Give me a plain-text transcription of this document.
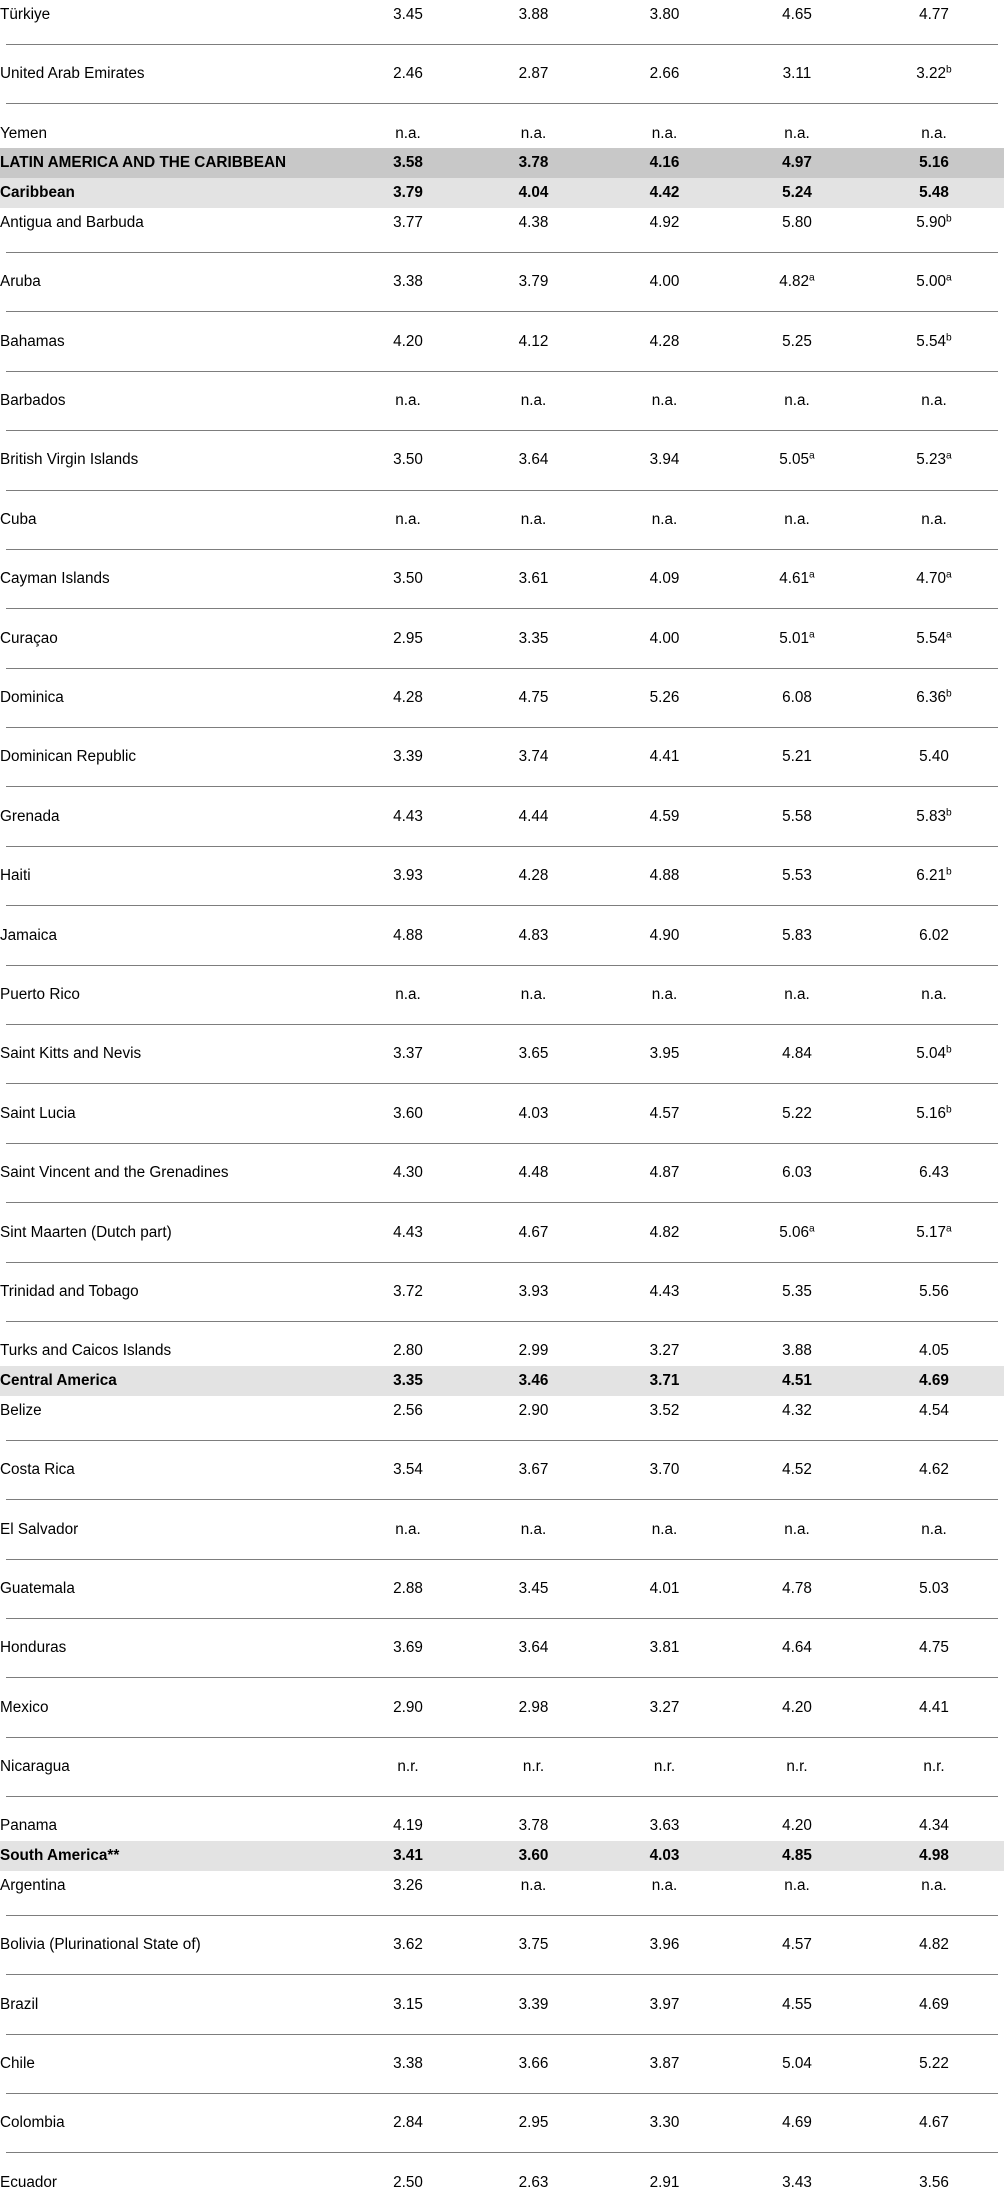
Türkiye	3.45	3.88	3.80	4.65	4.77

United Arab Emirates	2.46	2.87	2.66	3.11	3.22$^b$

Yemen	n.a.	n.a.	n.a.	n.a.	n.a.
LATIN AMERICA AND THE CARIBBEAN	3.58	3.78	4.16	4.97	5.16
Caribbean	3.79	4.04	4.42	5.24	5.48
Antigua and Barbuda	3.77	4.38	4.92	5.80	5.90$^b$

Aruba	3.38	3.79	4.00	4.82$^a$	5.00$^a$

Bahamas	4.20	4.12	4.28	5.25	5.54$^b$

Barbados	n.a.	n.a.	n.a.	n.a.	n.a.

British Virgin Islands	3.50	3.64	3.94	5.05$^a$	5.23$^a$

Cuba	n.a.	n.a.	n.a.	n.a.	n.a.

Cayman Islands	3.50	3.61	4.09	4.61$^a$	4.70$^a$

Curaçao	2.95	3.35	4.00	5.01$^a$	5.54$^a$

Dominica	4.28	4.75	5.26	6.08	6.36$^b$

Dominican Republic	3.39	3.74	4.41	5.21	5.40

Grenada	4.43	4.44	4.59	5.58	5.83$^b$

Haiti	3.93	4.28	4.88	5.53	6.21$^b$

Jamaica	4.88	4.83	4.90	5.83	6.02

Puerto Rico	n.a.	n.a.	n.a.	n.a.	n.a.

Saint Kitts and Nevis	3.37	3.65	3.95	4.84	5.04$^b$

Saint Lucia	3.60	4.03	4.57	5.22	5.16$^b$

Saint Vincent and the Grenadines	4.30	4.48	4.87	6.03	6.43

Sint Maarten (Dutch part)	4.43	4.67	4.82	5.06$^a$	5.17$^a$

Trinidad and Tobago	3.72	3.93	4.43	5.35	5.56

Turks and Caicos Islands	2.80	2.99	3.27	3.88	4.05
Central America	3.35	3.46	3.71	4.51	4.69
Belize	2.56	2.90	3.52	4.32	4.54

Costa Rica	3.54	3.67	3.70	4.52	4.62

El Salvador	n.a.	n.a.	n.a.	n.a.	n.a.

Guatemala	2.88	3.45	4.01	4.78	5.03

Honduras	3.69	3.64	3.81	4.64	4.75

Mexico	2.90	2.98	3.27	4.20	4.41

Nicaragua	n.r.	n.r.	n.r.	n.r.	n.r.

Panama	4.19	3.78	3.63	4.20	4.34
South America**	3.41	3.60	4.03	4.85	4.98
Argentina	3.26	n.a.	n.a.	n.a.	n.a.

Bolivia (Plurinational State of)	3.62	3.75	3.96	4.57	4.82

Brazil	3.15	3.39	3.97	4.55	4.69

Chile	3.38	3.66	3.87	5.04	5.22

Colombia	2.84	2.95	3.30	4.69	4.67

Ecuador	2.50	2.63	2.91	3.43	3.56
